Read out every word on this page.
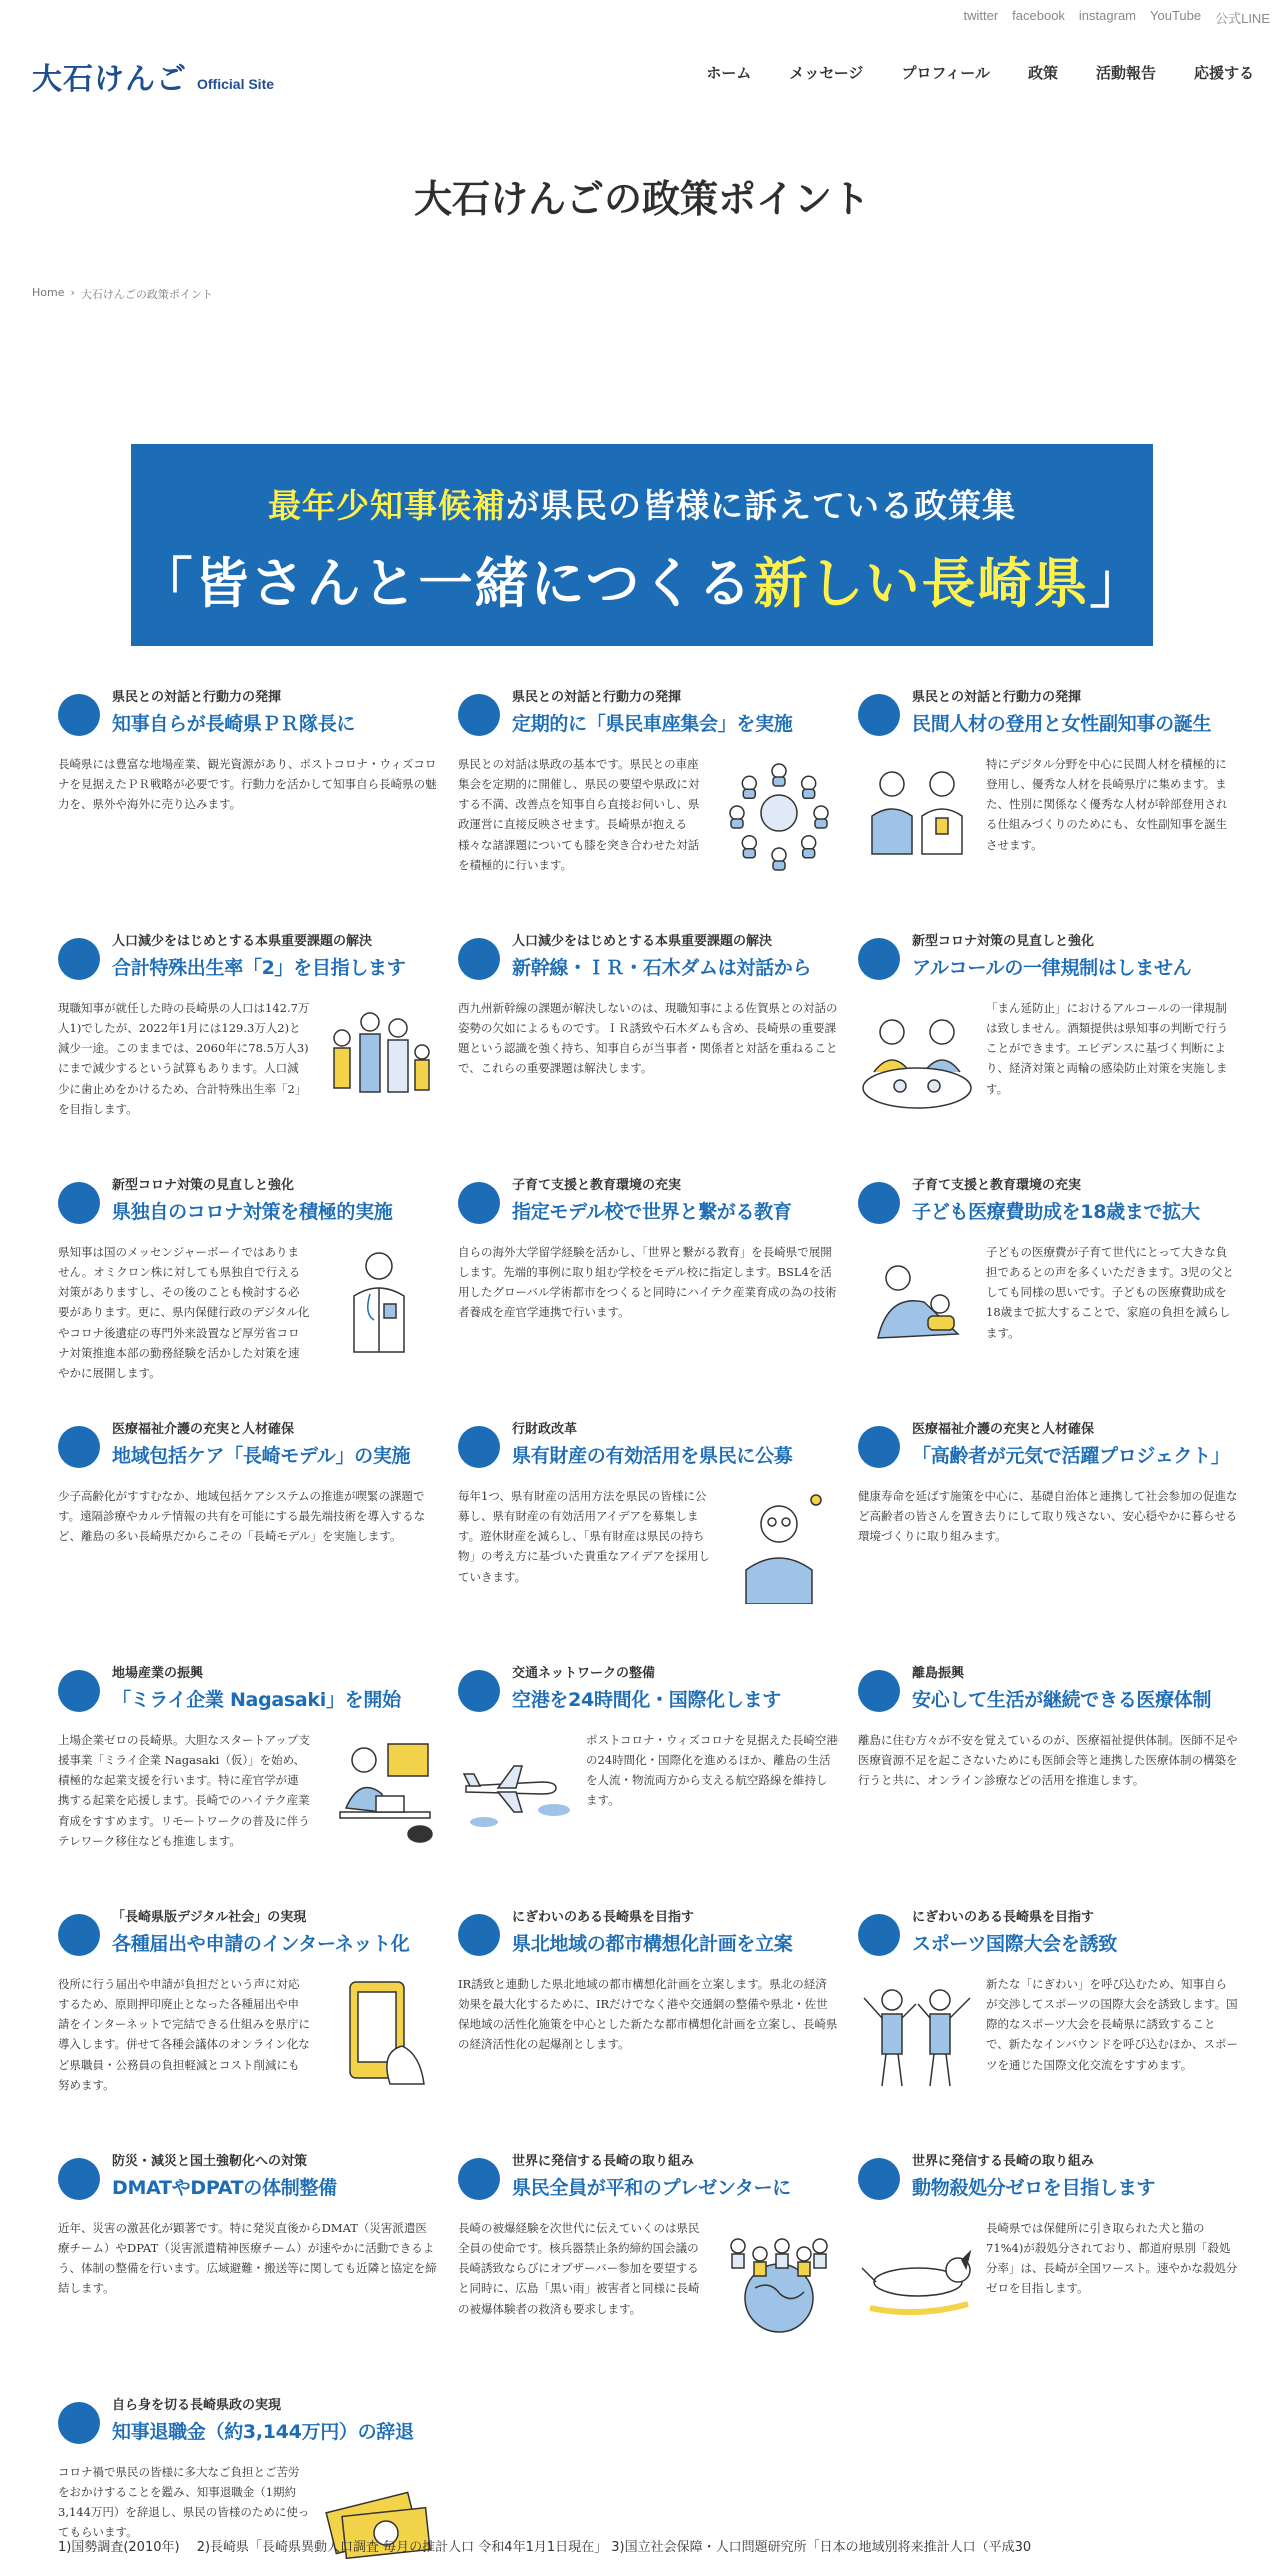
twitter facebook instagram YouTube 公式LINE
大石けんご Official Site
ホーム	メッセージ	プロフィール	政策	活動報告	応援する
大石けんごの政策ポイント
Home › 大石けんごの政策ポイント
最年少知事候補が県民の皆様に訴えている政策集
「皆さんと一緒につくる新しい長崎県」
県民との対話と行動力の発揮
知事自らが長崎県ＰＲ隊長に
長崎県には豊富な地場産業、観光資源があり、ポストコロナ・ウィズコロナを見据えたＰＲ戦略が必要です。行動力を活かして知事自ら長崎県の魅力を、県外や海外に売り込みます。
県民との対話と行動力の発揮
定期的に「県民車座集会」を実施
県民との対話は県政の基本です。県民との車座集会を定期的に開催し、県民の要望や県政に対する不満、改善点を知事自ら直接お伺いし、県政運営に直接反映させます。長崎県が抱える様々な諸課題についても膝を突き合わせた対話を積極的に行います。
県民との対話と行動力の発揮
民間人材の登用と女性副知事の誕生
特にデジタル分野を中心に民間人材を積極的に登用し、優秀な人材を長崎県庁に集めます。また、性別に関係なく優秀な人材が幹部登用される仕組みづくりのためにも、女性副知事を誕生させます。
人口減少をはじめとする本県重要課題の解決
合計特殊出生率「2」を目指します
現職知事が就任した時の長崎県の人口は142.7万人1)でしたが、2022年1月には129.3万人2)と減少一途。このままでは、2060年に78.5万人3)にまで減少するという試算もあります。人口減少に歯止めをかけるため、合計特殊出生率「2」を目指します。
人口減少をはじめとする本県重要課題の解決
新幹線・ＩＲ・石木ダムは対話から
西九州新幹線の課題が解決しないのは、現職知事による佐賀県との対話の姿勢の欠如によるものです。ＩＲ誘致や石木ダムも含め、長崎県の重要課題という認識を強く持ち、知事自らが当事者・関係者と対話を重ねることで、これらの重要課題は解決します。
新型コロナ対策の見直しと強化
アルコールの一律規制はしません
「まん延防止」におけるアルコールの一律規制は致しません。酒類提供は県知事の判断で行うことができます。エビデンスに基づく判断により、経済対策と両輪の感染防止対策を実施します。
新型コロナ対策の見直しと強化
県独自のコロナ対策を積極的実施
県知事は国のメッセンジャーボーイではありません。オミクロン株に対しても県独自で行える対策がありますし、その後のことも検討する必要があります。更に、県内保健行政のデジタル化やコロナ後遺症の専門外来設置など厚労省コロナ対策推進本部の勤務経験を活かした対策を速やかに展開します。
子育て支援と教育環境の充実
指定モデル校で世界と繋がる教育
自らの海外大学留学経験を活かし、「世界と繋がる教育」を長崎県で展開します。先端的事例に取り組む学校をモデル校に指定します。BSL4を活用したグローバル学術都市をつくると同時にハイテク産業育成の為の技術者養成を産官学連携で行います。
子育て支援と教育環境の充実
子ども医療費助成を18歳まで拡大
子どもの医療費が子育て世代にとって大きな負担であるとの声を多くいただきます。3児の父としても同様の思いです。子どもの医療費助成を18歳まで拡大することで、家庭の負担を減らします。
医療福祉介護の充実と人材確保
地域包括ケア「長崎モデル」の実施
少子高齢化がすすむなか、地域包括ケアシステムの推進が喫緊の課題です。遠隔診療やカルテ情報の共有を可能にする最先端技術を導入するなど、離島の多い長崎県だからこその「長崎モデル」を実施します。
行財政改革
県有財産の有効活用を県民に公募
毎年1つ、県有財産の活用方法を県民の皆様に公募し、県有財産の有効活用アイデアを募集します。遊休財産を減らし、「県有財産は県民の持ち物」の考え方に基づいた貴重なアイデアを採用していきます。
医療福祉介護の充実と人材確保
「高齢者が元気で活躍プロジェクト」
健康寿命を延ばす施策を中心に、基礎自治体と連携して社会参加の促進など高齢者の皆さんを置き去りにして取り残さない、安心穏やかに暮らせる環境づくりに取り組みます。
地場産業の振興
「ミライ企業 Nagasaki」を開始
上場企業ゼロの長崎県。大胆なスタートアップ支援事業「ミライ企業 Nagasaki（仮）」を始め、積極的な起業支援を行います。特に産官学が連携する起業を応援します。長崎でのハイテク産業育成をすすめます。リモートワークの普及に伴うテレワーク移住なども推進します。
交通ネットワークの整備
空港を24時間化・国際化します
ポストコロナ・ウィズコロナを見据えた長崎空港の24時間化・国際化を進めるほか、離島の生活を人流・物流両方から支える航空路線を維持します。
離島振興
安心して生活が継続できる医療体制
離島に住む方々が不安を覚えているのが、医療福祉提供体制。医師不足や医療資源不足を起こさないためにも医師会等と連携した医療体制の構築を行うと共に、オンライン診療などの活用を推進します。
「長崎県版デジタル社会」の実現
各種届出や申請のインターネット化
役所に行う届出や申請が負担だという声に対応するため、原則押印廃止となった各種届出や申請をインターネットで完結できる仕組みを県庁に導入します。併せて各種会議体のオンライン化など県職員・公務員の負担軽減とコスト削減にも努めます。
にぎわいのある長崎県を目指す
県北地域の都市構想化計画を立案
IR誘致と連動した県北地域の都市構想化計画を立案します。県北の経済効果を最大化するために、IRだけでなく港や交通網の整備や県北・佐世保地域の活性化施策を中心とした新たな都市構想化計画を立案し、長崎県の経済活性化の起爆剤とします。
にぎわいのある長崎県を目指す
スポーツ国際大会を誘致
新たな「にぎわい」を呼び込むため、知事自らが交渉してスポーツの国際大会を誘致します。国際的なスポーツ大会を長崎県に誘致することで、新たなインバウンドを呼び込むほか、スポーツを通じた国際文化交流をすすめます。
防災・減災と国土強靭化への対策
DMATやDPATの体制整備
近年、災害の激甚化が顕著です。特に発災直後からDMAT（災害派遣医療チーム）やDPAT（災害派遣精神医療チーム）が速やかに活動できるよう、体制の整備を行います。広域避難・搬送等に関しても近隣と協定を締結します。
世界に発信する長崎の取り組み
県民全員が平和のプレゼンターに
長崎の被爆経験を次世代に伝えていくのは県民全員の使命です。核兵器禁止条約締約国会議の長崎誘致ならびにオブザーバー参加を要望すると同時に、広島「黒い雨」被害者と同様に長崎の被爆体験者の救済も要求します。
世界に発信する長崎の取り組み
動物殺処分ゼロを目指します
長崎県では保健所に引き取られた犬と猫の71%4)が殺処分されており、都道府県別「殺処分率」は、長崎が全国ワースト。速やかな殺処分ゼロを目指します。
自ら身を切る長崎県政の実現
知事退職金（約3,144万円）の辞退
コロナ禍で県民の皆様に多大なご負担とご苦労をおかけすることを鑑み、知事退職金（1期約3,144万円）を辞退し、県民の皆様のために使ってもらいます。
1)国勢調査(2010年)　 2)長崎県「長崎県異動人口調査 毎月の推計人口 令和4年1月1日現在」 3)国立社会保障・人口問題研究所「日本の地域別将来推計人口（平成30
